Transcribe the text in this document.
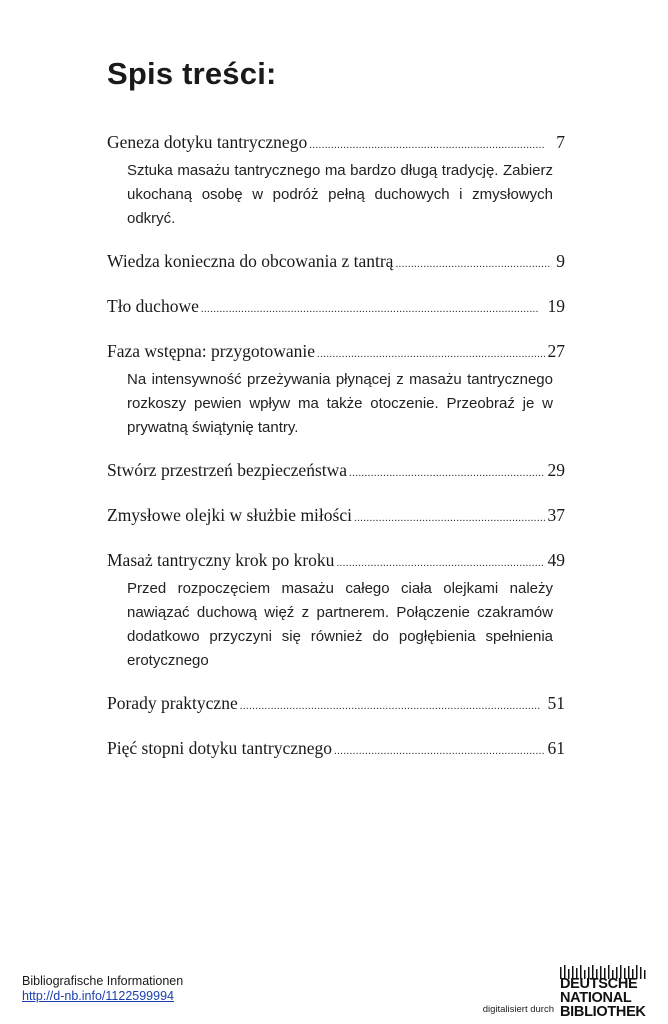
Spis treści:
Geneza dotyku tantrycznego . . .	7

Sztuka masażu tantrycznego ma bardzo długą tradycję. Zabierz ukochaną osobę w podróż pełną duchowych i zmysłowych odkryć.

Wiedza konieczna do obcowania z tantrą . . .	9
Tło duchowe . . .	19
Faza wstępna: przygotowanie . . .	27

Na intensywność przeżywania płynącej z masażu tantrycznego rozkoszy pewien wpływ ma także otoczenie. Przeobraź je w prywatną świątynię tantry.

Stwórz przestrzeń bezpieczeństwa . . .	29
Zmysłowe olejki w służbie miłości . . .	37
Masaż tantryczny krok po kroku . . .	49

Przed rozpoczęciem masażu całego ciała olejkami należy nawiązać duchową więź z partnerem. Połączenie czakramów dodatkowo przyczyni się również do pogłębienia spełnienia erotycznego

Porady praktyczne . . .	51
Pięć stopni dotyku tantrycznego . . .	61
Bibliografische Informationen
http://d-nb.info/1122599994
digitalisiert durch
DEUTSCHE
NATIONAL
BIBLIOTHEK
